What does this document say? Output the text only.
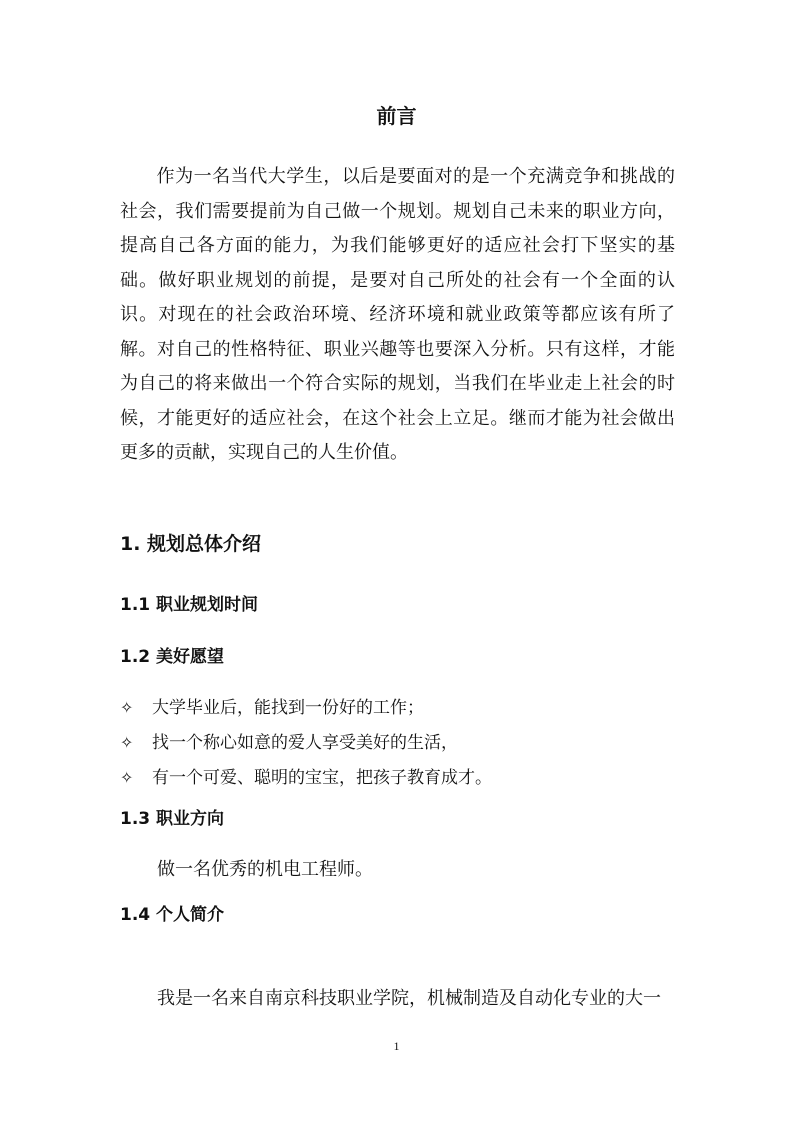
前言

作为一名当代大学生，以后是要面对的是一个充满竞争和挑战的社会，我们需要提前为自己做一个规划。规划自己未来的职业方向，提高自己各方面的能力，为我们能够更好的适应社会打下坚实的基础。做好职业规划的前提，是要对自己所处的社会有一个全面的认识。对现在的社会政治环境、经济环境和就业政策等都应该有所了解。对自己的性格特征、职业兴趣等也要深入分析。只有这样，才能为自己的将来做出一个符合实际的规划，当我们在毕业走上社会的时候，才能更好的适应社会，在这个社会上立足。继而才能为社会做出更多的贡献，实现自己的人生价值。

1. 规划总体介绍
1.1 职业规划时间
1.2 美好愿望
✧ 大学毕业后，能找到一份好的工作；
✧ 找一个称心如意的爱人享受美好的生活，
✧ 有一个可爱、聪明的宝宝，把孩子教育成才。
1.3 职业方向

做一名优秀的机电工程师。

1.4 个人简介

我是一名来自南京科技职业学院，机械制造及自动化专业的大一

1
